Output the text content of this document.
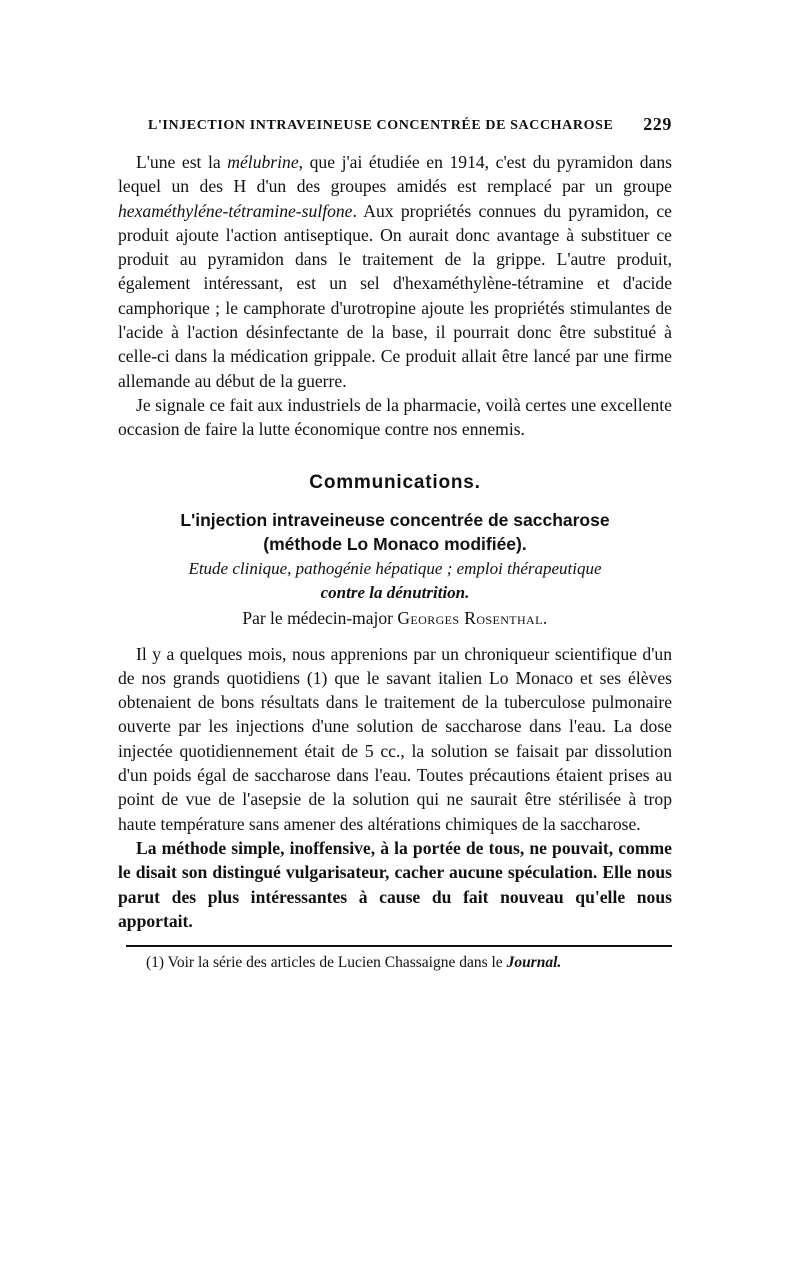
L'INJECTION INTRAVEINEUSE CONCENTRÉE DE SACCHAROSE 229

L'une est la mélubrine, que j'ai étudiée en 1914, c'est du pyramidon dans lequel un des H d'un des groupes amidés est remplacé par un groupe hexaméthyléne-tétramine-sulfone. Aux propriétés connues du pyramidon, ce produit ajoute l'action antiseptique. On aurait donc avantage à substituer ce produit au pyramidon dans le traitement de la grippe. L'autre produit, également intéressant, est un sel d'hexaméthylène-tétramine et d'acide camphorique ; le camphorate d'urotropine ajoute les propriétés stimulantes de l'acide à l'action désinfectante de la base, il pourrait donc être substitué à celle-ci dans la médication grippale. Ce produit allait être lancé par une firme allemande au début de la guerre.

Je signale ce fait aux industriels de la pharmacie, voilà certes une excellente occasion de faire la lutte économique contre nos ennemis.

Communications.
L'injection intraveineuse concentrée de saccharose
(méthode Lo Monaco modifiée).
Etude clinique, pathogénie hépatique ; emploi thérapeutique
contre la dénutrition.
Par le médecin-major Georges Rosenthal.

Il y a quelques mois, nous apprenions par un chroniqueur scientifique d'un de nos grands quotidiens (1) que le savant italien Lo Monaco et ses élèves obtenaient de bons résultats dans le traitement de la tuberculose pulmonaire ouverte par les injections d'une solution de saccharose dans l'eau. La dose injectée quotidiennement était de 5 cc., la solution se faisait par dissolution d'un poids égal de saccharose dans l'eau. Toutes précautions étaient prises au point de vue de l'asepsie de la solution qui ne saurait être stérilisée à trop haute température sans amener des altérations chimiques de la saccharose.

La méthode simple, inoffensive, à la portée de tous, ne pouvait, comme le disait son distingué vulgarisateur, cacher aucune spéculation. Elle nous parut des plus intéressantes à cause du fait nouveau qu'elle nous apportait.

(1) Voir la série des articles de Lucien Chassaigne dans le Journal.
